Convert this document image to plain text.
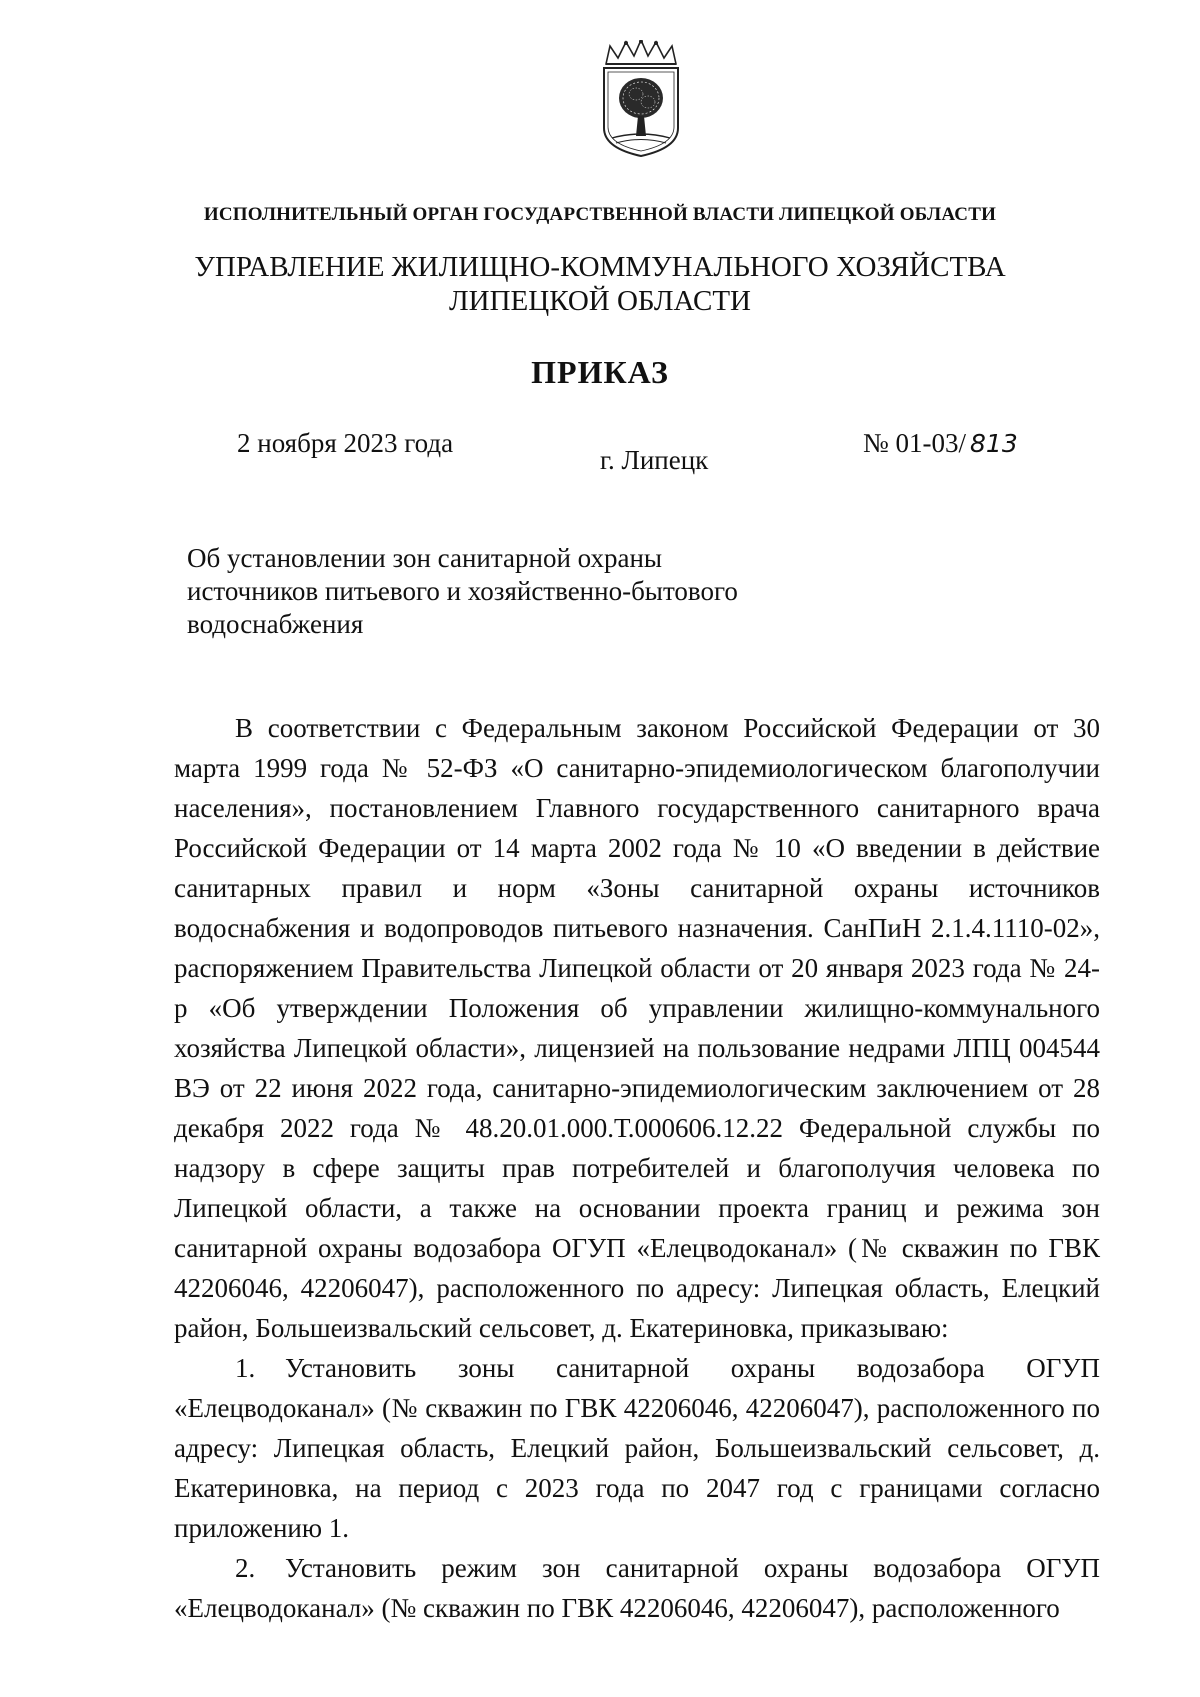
ИСПОЛНИТЕЛЬНЫЙ ОРГАН ГОСУДАРСТВЕННОЙ ВЛАСТИ ЛИПЕЦКОЙ ОБЛАСТИ
УПРАВЛЕНИЕ ЖИЛИЩНО-КОММУНАЛЬНОГО ХОЗЯЙСТВА
ЛИПЕЦКОЙ ОБЛАСТИ
ПРИКАЗ
2 ноября 2023 года
г. Липецк
№ 01-03/ 813
Об установлении зон санитарной охраны
источников питьевого и хозяйственно-бытового
водоснабжения

В соответствии с Федеральным законом Российской Федерации от 30 марта 1999 года № 52-ФЗ «О санитарно-эпидемиологическом благополучии населения», постановлением Главного государственного санитарного врача Российской Федерации от 14 марта 2002 года № 10 «О введении в действие санитарных правил и норм «Зоны санитарной охраны источников водоснабжения и водопроводов питьевого назначения. СанПиН 2.1.4.1110-02», распоряжением Правительства Липецкой области от 20 января 2023 года № 24-р «Об утверждении Положения об управлении жилищно-коммунального хозяйства Липецкой области», лицензией на пользование недрами ЛПЦ 004544 ВЭ от 22 июня 2022 года, санитарно-эпидемиологическим заключением от 28 декабря 2022 года № 48.20.01.000.Т.000606.12.22 Федеральной службы по надзору в сфере защиты прав потребителей и благополучия человека по Липецкой области, а также на основании проекта границ и режима зон санитарной охраны водозабора ОГУП «Елецводоканал» (№ скважин по ГВК 42206046, 42206047), расположенного по адресу: Липецкая область, Елецкий район, Большеизвальский сельсовет, д. Екатериновка, приказываю:

1. Установить зоны санитарной охраны водозабора ОГУП «Елецводоканал» (№ скважин по ГВК 42206046, 42206047), расположенного по адресу: Липецкая область, Елецкий район, Большеизвальский сельсовет, д. Екатериновка, на период с 2023 года по 2047 год с границами согласно приложению 1.

2. Установить режим зон санитарной охраны водозабора ОГУП «Елецводоканал» (№ скважин по ГВК 42206046, 42206047), расположенного
